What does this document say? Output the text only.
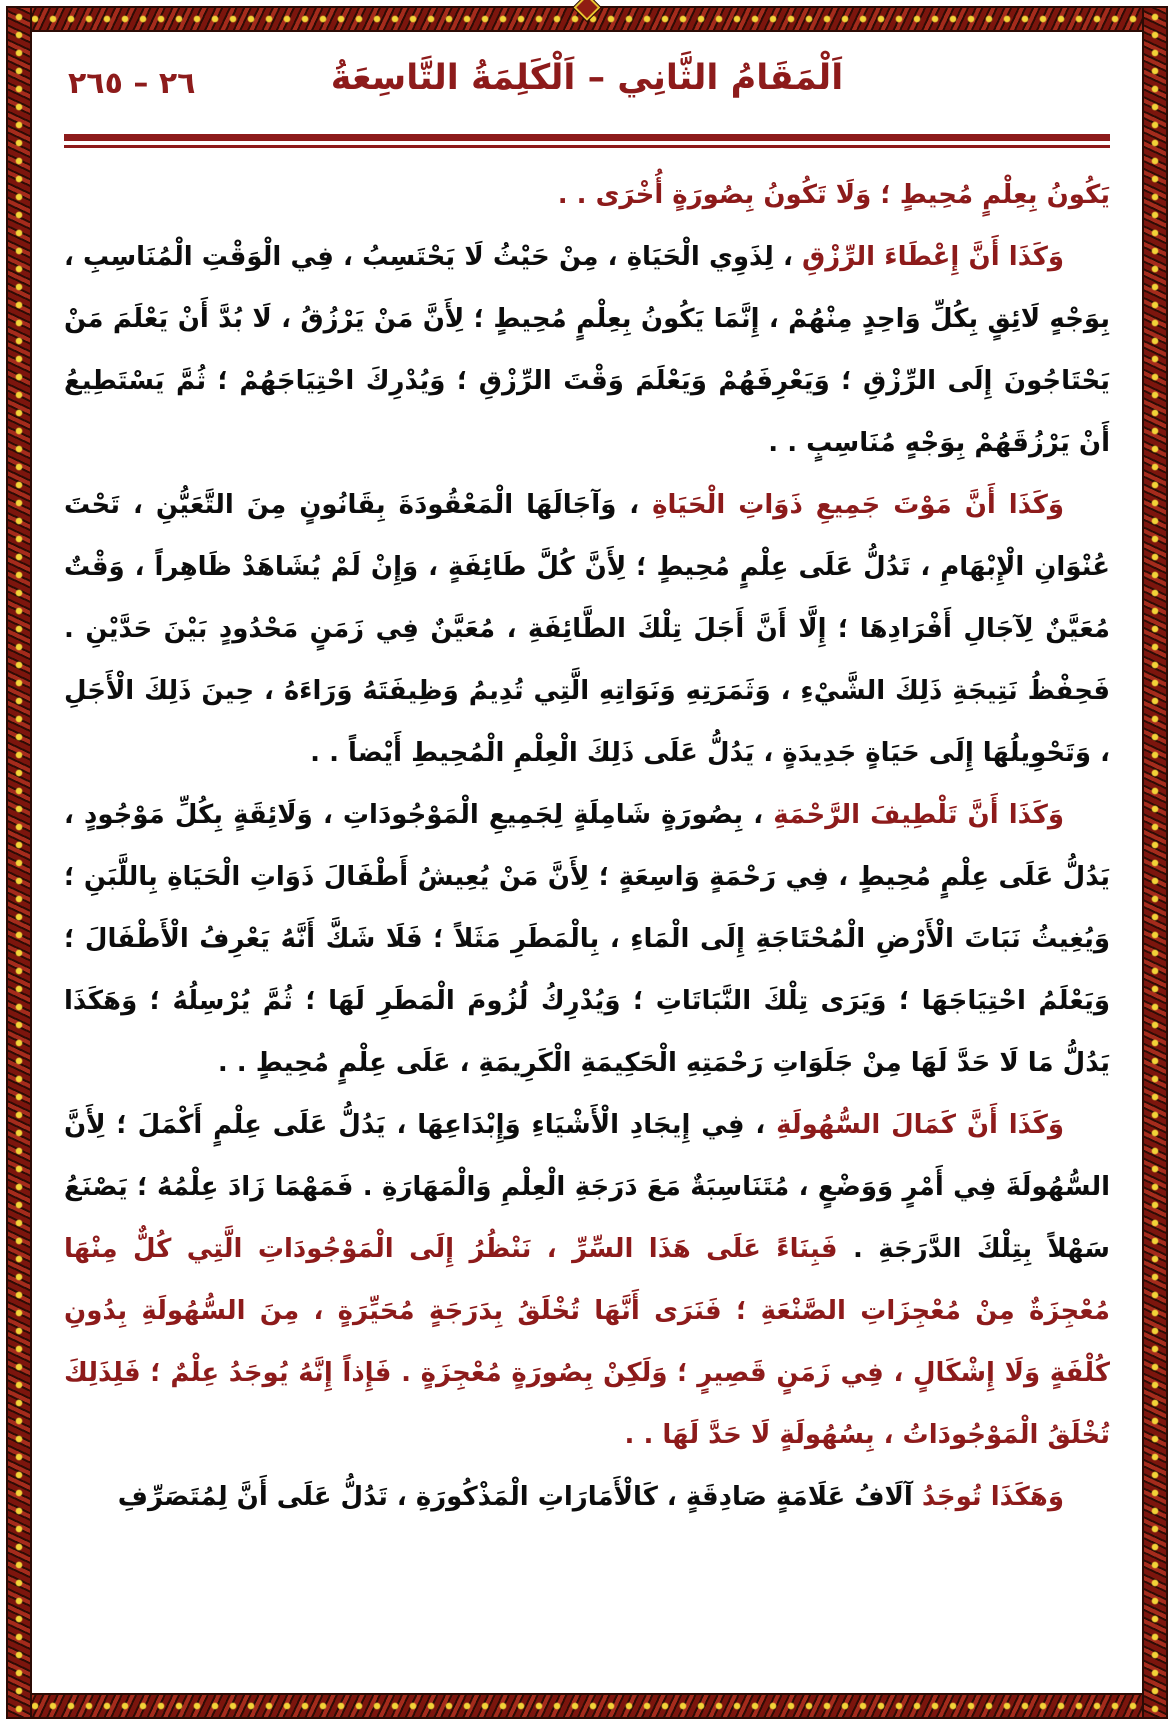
٢٦ – ٢٦٥	اَلْمَقَامُ الثَّانِي – اَلْكَلِمَةُ التَّاسِعَةُ

يَكُونُ بِعِلْمٍ مُحِيطٍ ؛ وَلَا تَكُونُ بِصُورَةٍ أُخْرَى . .

وَكَذَا أَنَّ إِعْطَاءَ الرِّزْقِ ، لِذَوِي الْحَيَاةِ ، مِنْ حَيْثُ لَا يَحْتَسِبُ ، فِي الْوَقْتِ الْمُنَاسِبِ ، بِوَجْهٍ لَائِقٍ بِكُلِّ وَاحِدٍ مِنْهُمْ ، إِنَّمَا يَكُونُ بِعِلْمٍ مُحِيطٍ ؛ لِأَنَّ مَنْ يَرْزُقُ ، لَا بُدَّ أَنْ يَعْلَمَ مَنْ يَحْتَاجُونَ إِلَى الرِّزْقِ ؛ وَيَعْرِفَهُمْ وَيَعْلَمَ وَقْتَ الرِّزْقِ ؛ وَيُدْرِكَ احْتِيَاجَهُمْ ؛ ثُمَّ يَسْتَطِيعُ أَنْ يَرْزُقَهُمْ بِوَجْهٍ مُنَاسِبٍ . .

وَكَذَا أَنَّ مَوْتَ جَمِيعِ ذَوَاتِ الْحَيَاةِ ، وَآجَالَهَا الْمَعْقُودَةَ بِقَانُونٍ مِنَ التَّعَيُّنِ ، تَحْتَ عُنْوَانِ الْإِبْهَامِ ، تَدُلُّ عَلَى عِلْمٍ مُحِيطٍ ؛ لِأَنَّ كُلَّ طَائِفَةٍ ، وَإِنْ لَمْ يُشَاهَدْ ظَاهِراً ، وَقْتٌ مُعَيَّنٌ لِآجَالِ أَفْرَادِهَا ؛ إِلَّا أَنَّ أَجَلَ تِلْكَ الطَّائِفَةِ ، مُعَيَّنٌ فِي زَمَنٍ مَحْدُودٍ بَيْنَ حَدَّيْنِ . فَحِفْظُ نَتِيجَةِ ذَلِكَ الشَّيْءِ ، وَثَمَرَتِهِ وَنَوَاتِهِ الَّتِي تُدِيمُ وَظِيفَتَهُ وَرَاءَهُ ، حِينَ ذَلِكَ الْأَجَلِ ، وَتَحْوِيلُهَا إِلَى حَيَاةٍ جَدِيدَةٍ ، يَدُلُّ عَلَى ذَلِكَ الْعِلْمِ الْمُحِيطِ أَيْضاً . .

وَكَذَا أَنَّ تَلْطِيفَ الرَّحْمَةِ ، بِصُورَةٍ شَامِلَةٍ لِجَمِيعِ الْمَوْجُودَاتِ ، وَلَائِقَةٍ بِكُلِّ مَوْجُودٍ ، يَدُلُّ عَلَى عِلْمٍ مُحِيطٍ ، فِي رَحْمَةٍ وَاسِعَةٍ ؛ لِأَنَّ مَنْ يُعِيشُ أَطْفَالَ ذَوَاتِ الْحَيَاةِ بِاللَّبَنِ ؛ وَيُغِيثُ نَبَاتَ الْأَرْضِ الْمُحْتَاجَةِ إِلَى الْمَاءِ ، بِالْمَطَرِ مَثَلاً ؛ فَلَا شَكَّ أَنَّهُ يَعْرِفُ الْأَطْفَالَ ؛ وَيَعْلَمُ احْتِيَاجَهَا ؛ وَيَرَى تِلْكَ النَّبَاتَاتِ ؛ وَيُدْرِكُ لُزُومَ الْمَطَرِ لَهَا ؛ ثُمَّ يُرْسِلُهُ ؛ وَهَكَذَا يَدُلُّ مَا لَا حَدَّ لَهَا مِنْ جَلَوَاتِ رَحْمَتِهِ الْحَكِيمَةِ الْكَرِيمَةِ ، عَلَى عِلْمٍ مُحِيطٍ . .

وَكَذَا أَنَّ كَمَالَ السُّهُولَةِ ، فِي إِيجَادِ الْأَشْيَاءِ وَإِبْدَاعِهَا ، يَدُلُّ عَلَى عِلْمٍ أَكْمَلَ ؛ لِأَنَّ السُّهُولَةَ فِي أَمْرٍ وَوَضْعٍ ، مُتَنَاسِبَةٌ مَعَ دَرَجَةِ الْعِلْمِ وَالْمَهَارَةِ . فَمَهْمَا زَادَ عِلْمُهُ ؛ يَصْنَعُ سَهْلاً بِتِلْكَ الدَّرَجَةِ . فَبِنَاءً عَلَى هَذَا السِّرِّ ، نَنْظُرُ إِلَى الْمَوْجُودَاتِ الَّتِي كُلٌّ مِنْهَا مُعْجِزَةٌ مِنْ مُعْجِزَاتِ الصَّنْعَةِ ؛ فَنَرَى أَنَّهَا تُخْلَقُ بِدَرَجَةٍ مُحَيِّرَةٍ ، مِنَ السُّهُولَةِ بِدُونِ كُلْفَةٍ وَلَا إِشْكَالٍ ، فِي زَمَنٍ قَصِيرٍ ؛ وَلَكِنْ بِصُورَةٍ مُعْجِزَةٍ . فَإِذاً إِنَّهُ يُوجَدُ عِلْمٌ ؛ فَلِذَلِكَ تُخْلَقُ الْمَوْجُودَاتُ ، بِسُهُولَةٍ لَا حَدَّ لَهَا . .

وَهَكَذَا تُوجَدُ آلَافُ عَلَامَةٍ صَادِقَةٍ ، كَالْأَمَارَاتِ الْمَذْكُورَةِ ، تَدُلُّ عَلَى أَنَّ لِمُتَصَرِّفِ
